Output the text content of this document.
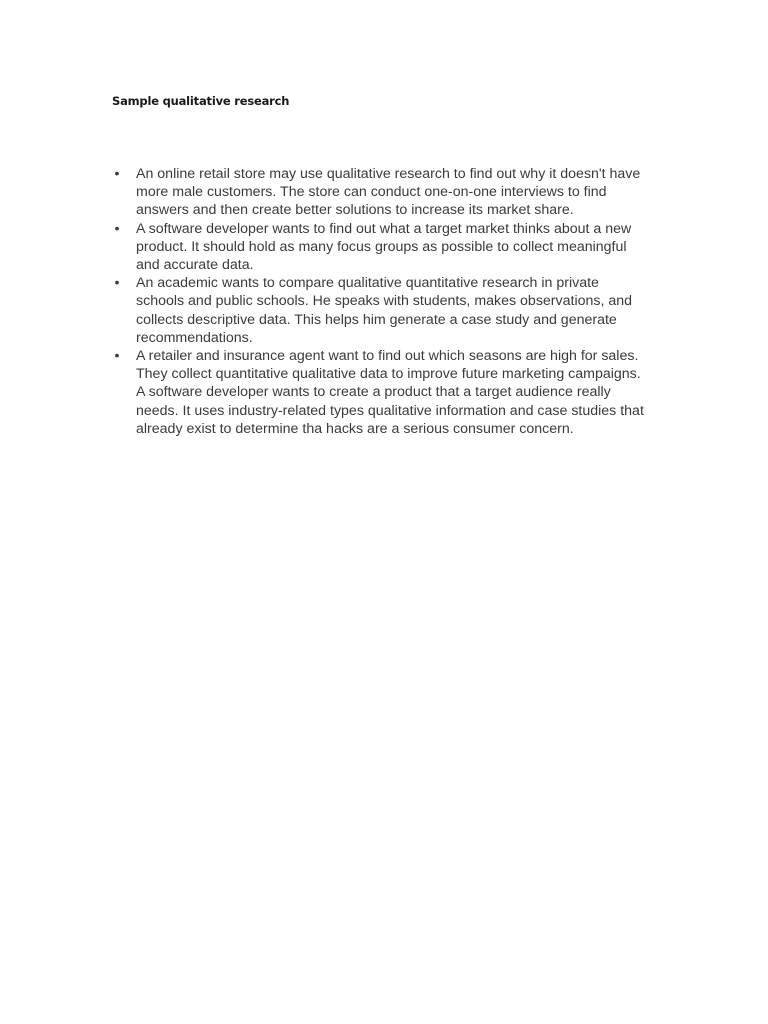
Sample qualitative research
• An online retail store may use qualitative research to find out why it doesn't have
more male customers. The store can conduct one-on-one interviews to find
answers and then create better solutions to increase its market share.
• A software developer wants to find out what a target market thinks about a new
product. It should hold as many focus groups as possible to collect meaningful
and accurate data.
• An academic wants to compare qualitative quantitative research in private
schools and public schools. He speaks with students, makes observations, and
collects descriptive data. This helps him generate a case study and generate
recommendations.
• A retailer and insurance agent want to find out which seasons are high for sales.
They collect quantitative qualitative data to improve future marketing campaigns.
A software developer wants to create a product that a target audience really
needs. It uses industry-related types qualitative information and case studies that
already exist to determine tha hacks are a serious consumer concern.
